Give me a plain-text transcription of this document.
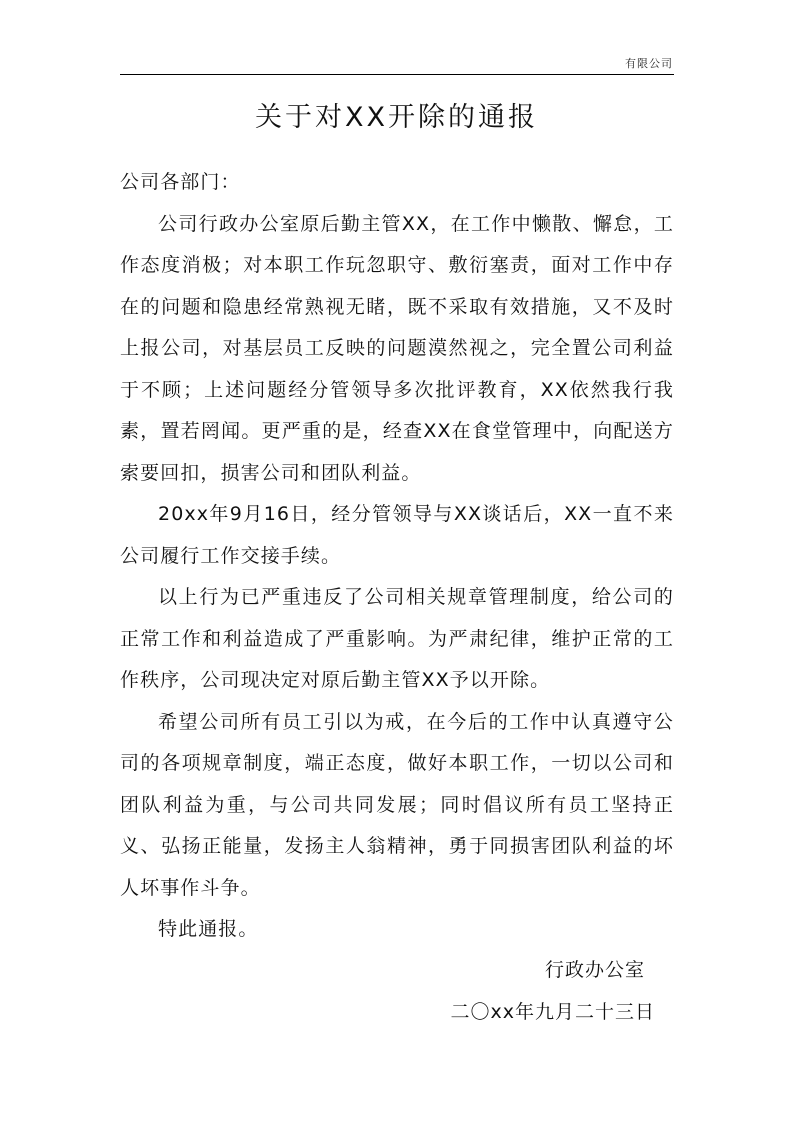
有限公司
关于对XX开除的通报

公司各部门：

公司行政办公室原后勤主管XX，在工作中懒散、懈怠，工作态度消极；对本职工作玩忽职守、敷衍塞责，面对工作中存在的问题和隐患经常熟视无睹，既不采取有效措施，又不及时上报公司，对基层员工反映的问题漠然视之，完全置公司利益于不顾；上述问题经分管领导多次批评教育，XX依然我行我素，置若罔闻。更严重的是，经查XX在食堂管理中，向配送方索要回扣，损害公司和团队利益。

20xx年9月16日，经分管领导与XX谈话后，XX一直不来公司履行工作交接手续。

以上行为已严重违反了公司相关规章管理制度，给公司的正常工作和利益造成了严重影响。为严肃纪律，维护正常的工作秩序，公司现决定对原后勤主管XX予以开除。

希望公司所有员工引以为戒，在今后的工作中认真遵守公司的各项规章制度，端正态度，做好本职工作，一切以公司和团队利益为重，与公司共同发展；同时倡议所有员工坚持正义、弘扬正能量，发扬主人翁精神，勇于同损害团队利益的坏人坏事作斗争。

特此通报。

行政办公室
二〇xx年九月二十三日
